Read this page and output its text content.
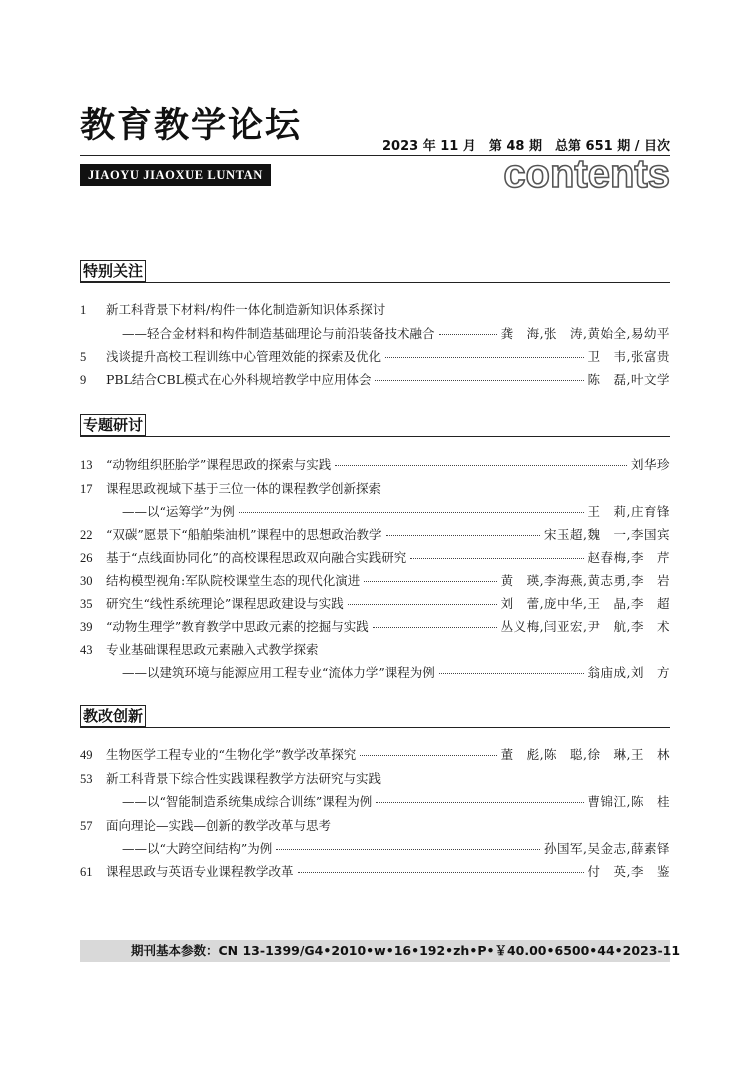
教育教学论坛
2023 年 11 月　第 48 期　总第 651 期 / 目次
JIAOYU JIAOXUE LUNTAN	contents
特别关注
1	新工科背景下材料/构件一体化制造新知识体系探讨
——轻合金材料和构件制造基础理论与前沿装备技术融合	龚　海,张　涛,黄始全,易幼平
5	浅谈提升高校工程训练中心管理效能的探索及优化	卫　韦,张富贵
9	PBL结合CBL模式在心外科规培教学中应用体会	陈　磊,叶文学
专题研讨
13	“动物组织胚胎学”课程思政的探索与实践	刘华珍
17	课程思政视域下基于三位一体的课程教学创新探索
——以“运筹学”为例	王　莉,庄育锋
22	“双碳”愿景下“船舶柴油机”课程中的思想政治教学	宋玉超,魏　一,李国宾
26	基于“点线面协同化”的高校课程思政双向融合实践研究	赵春梅,李　芹
30	结构模型视角:军队院校课堂生态的现代化演进	黄　瑛,李海燕,黄志勇,李　岩
35	研究生“线性系统理论”课程思政建设与实践	刘　蕾,庞中华,王　晶,李　超
39	“动物生理学”教育教学中思政元素的挖掘与实践	丛义梅,闫亚宏,尹　航,李　术
43	专业基础课程思政元素融入式教学探索
——以建筑环境与能源应用工程专业“流体力学”课程为例	翁庙成,刘　方
教改创新
49	生物医学工程专业的“生物化学”教学改革探究	董　彪,陈　聪,徐　琳,王　林
53	新工科背景下综合性实践课程教学方法研究与实践
——以“智能制造系统集成综合训练”课程为例	曹锦江,陈　桂
57	面向理论—实践—创新的教学改革与思考
——以“大跨空间结构”为例	孙国军,吴金志,薛素铎
61	课程思政与英语专业课程教学改革	付　英,李　鉴
期刊基本参数：CN 13-1399/G4•2010•w•16•192•zh•P•￥40.00•6500•44•2023-11
